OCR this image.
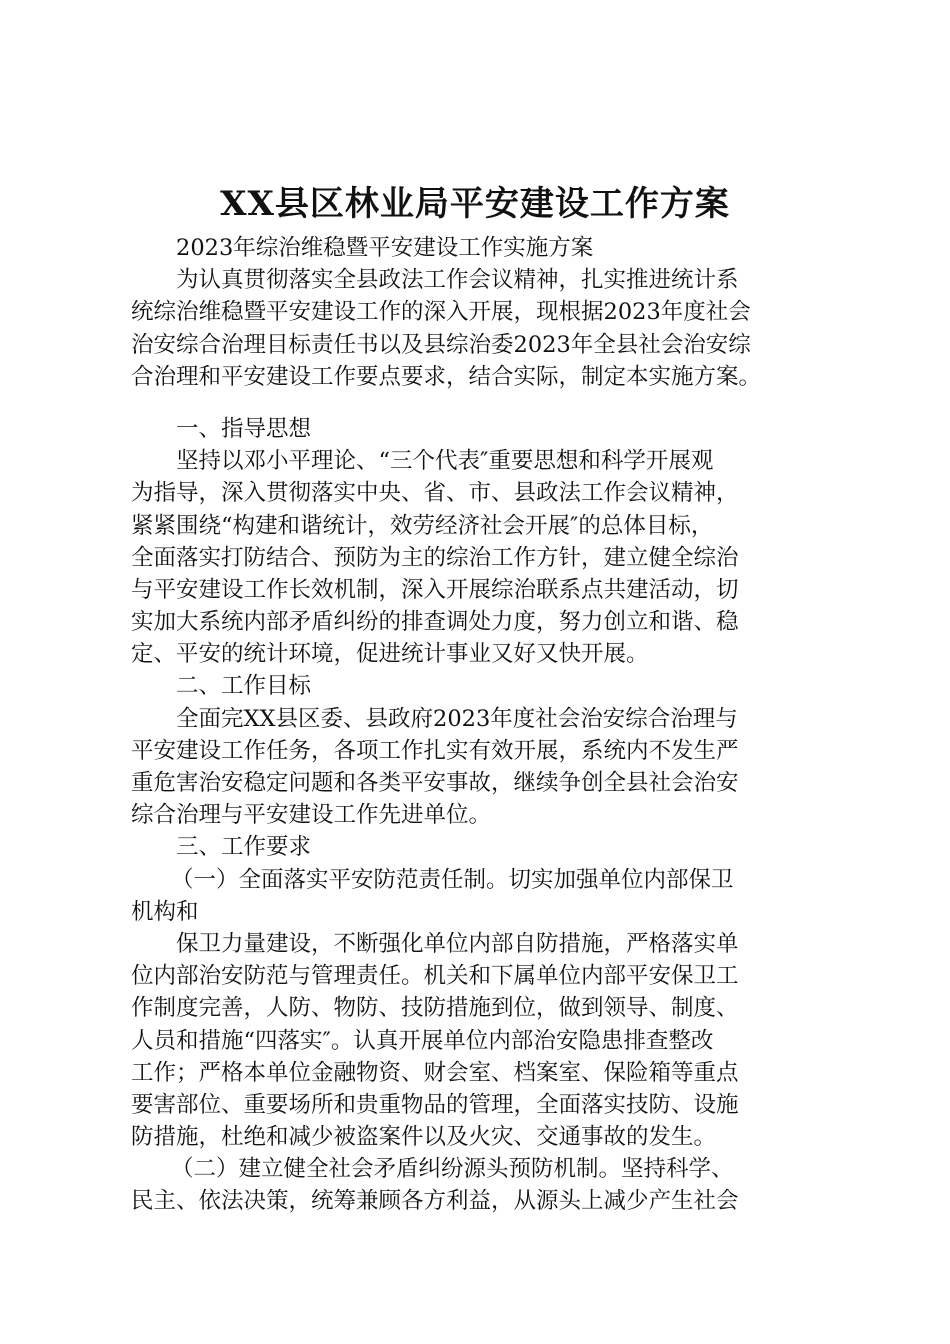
XX县区林业局平安建设工作方案
2023年综治维稳暨平安建设工作实施方案
为认真贯彻落实全县政法工作会议精神，扎实推进统计系
统综治维稳暨平安建设工作的深入开展，现根据2023年度社会
治安综合治理目标责任书以及县综治委2023年全县社会治安综
合治理和平安建设工作要点要求，结合实际，制定本实施方案。
一、指导思想
坚持以邓小平理论、“三个代表″重要思想和科学开展观
为指导，深入贯彻落实中央、省、市、县政法工作会议精神，
紧紧围绕“构建和谐统计，效劳经济社会开展″的总体目标，
全面落实打防结合、预防为主的综治工作方针，建立健全综治
与平安建设工作长效机制，深入开展综治联系点共建活动，切
实加大系统内部矛盾纠纷的排查调处力度，努力创立和谐、稳
定、平安的统计环境，促进统计事业又好又快开展。
二、工作目标
全面完XX县区委、县政府2023年度社会治安综合治理与
平安建设工作任务，各项工作扎实有效开展，系统内不发生严
重危害治安稳定问题和各类平安事故，继续争创全县社会治安
综合治理与平安建设工作先进单位。
三、工作要求
（一）全面落实平安防范责任制。切实加强单位内部保卫
机构和
保卫力量建设，不断强化单位内部自防措施，严格落实单
位内部治安防范与管理责任。机关和下属单位内部平安保卫工
作制度完善，人防、物防、技防措施到位，做到领导、制度、
人员和措施“四落实″。认真开展单位内部治安隐患排查整改
工作；严格本单位金融物资、财会室、档案室、保险箱等重点
要害部位、重要场所和贵重物品的管理，全面落实技防、设施
防措施，杜绝和减少被盗案件以及火灾、交通事故的发生。
（二）建立健全社会矛盾纠纷源头预防机制。坚持科学、
民主、依法决策，统筹兼顾各方利益，从源头上减少产生社会
